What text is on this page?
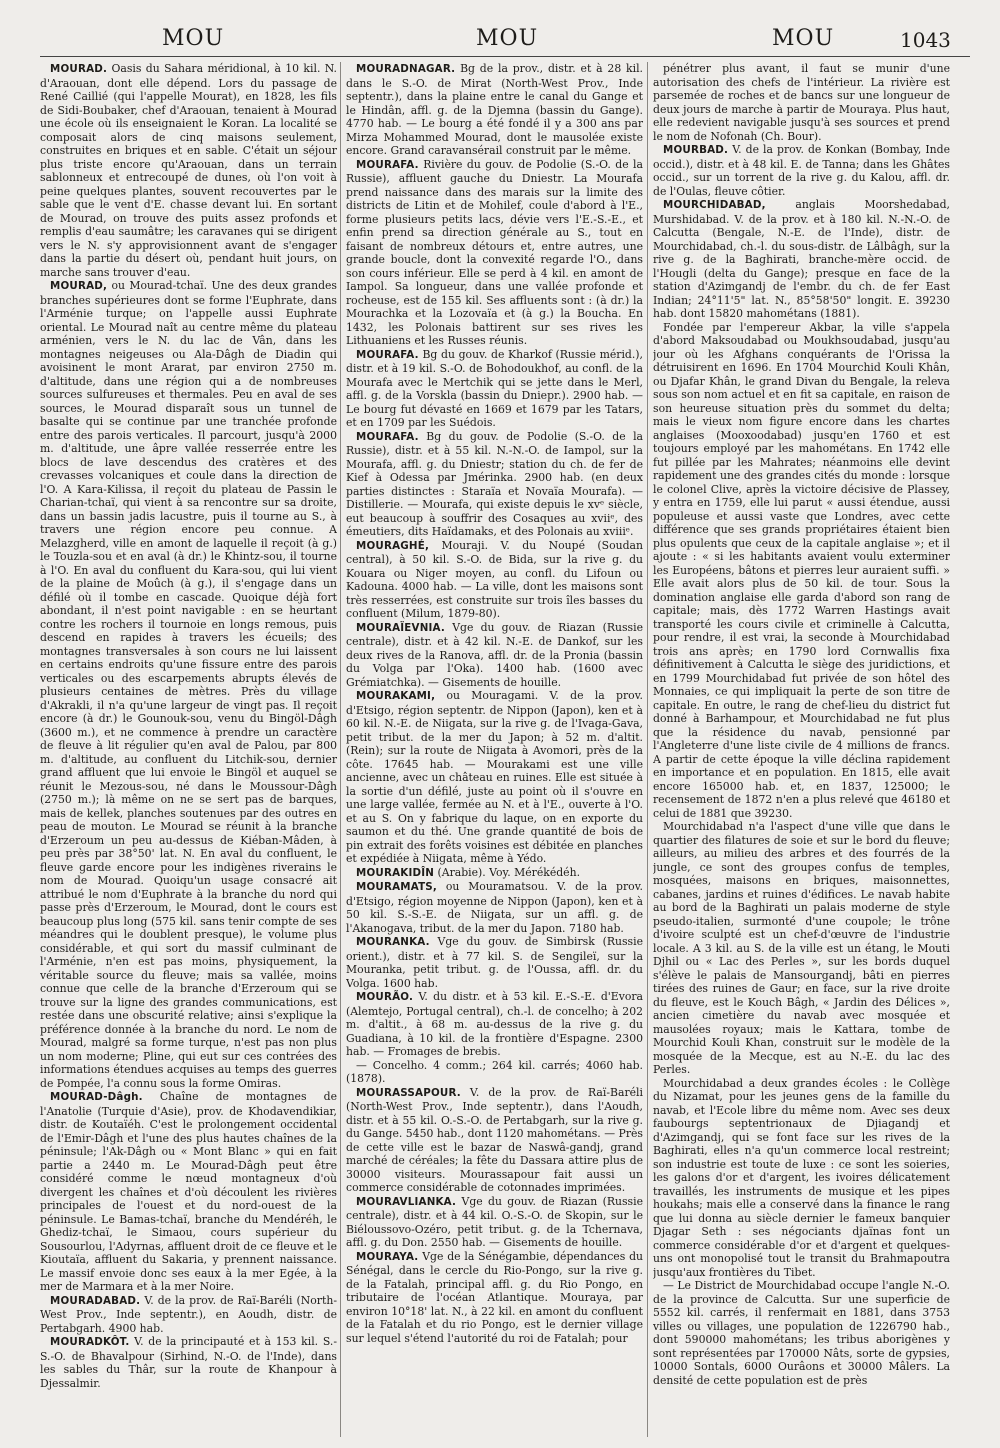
MOU	MOU	MOU	1043

MOURAD. Oasis du Sahara méridional, à 10 kil. N. d'Araouan, dont elle dépend. Lors du passage de René Caillié (qui l'appelle Mourat), en 1828, les fils de Sidi-Boubaker, chef d'Araouan, tenaient à Mourad une école où ils enseignaient le Koran. La localité se composait alors de cinq maisons seulement, construites en briques et en sable. C'était un séjour plus triste encore qu'Araouan, dans un terrain sablonneux et entrecoupé de dunes, où l'on voit à peine quelques plantes, souvent recouvertes par le sable que le vent d'E. chasse devant lui. En sortant de Mourad, on trouve des puits assez profonds et remplis d'eau saumâtre; les caravanes qui se dirigent vers le N. s'y approvisionnent avant de s'engager dans la partie du désert où, pendant huit jours, on marche sans trouver d'eau.

MOURAD, ou Mourad-tchaï. Une des deux grandes branches supérieures dont se forme l'Euphrate, dans l'Arménie turque; on l'appelle aussi Euphrate oriental. Le Mourad naît au centre même du plateau arménien, vers le N. du lac de Vân, dans les montagnes neigeuses ou Ala-Dâgh de Diadin qui avoisinent le mont Ararat, par environ 2750 m. d'altitude, dans une région qui a de nombreuses sources sulfureuses et thermales. Peu en aval de ses sources, le Mourad disparaît sous un tunnel de basalte qui se continue par une tranchée profonde entre des parois verticales. Il parcourt, jusqu'à 2000 m. d'altitude, une âpre vallée resserrée entre les blocs de lave descendus des cratères et des crevasses volcaniques et coule dans la direction de l'O. A Kara-Kilissa, il reçoit du plateau de Passin le Charian-tchaï, qui vient à sa rencontre sur sa droite, dans un bassin jadis lacustre, puis il tourne au S., à travers une région encore peu connue. A Melazgherd, ville en amont de laquelle il reçoit (à g.) le Touzla-sou et en aval (à dr.) le Khintz-sou, il tourne à l'O. En aval du confluent du Kara-sou, qui lui vient de la plaine de Moûch (à g.), il s'engage dans un défilé où il tombe en cascade. Quoique déjà fort abondant, il n'est point navigable : en se heurtant contre les rochers il tournoie en longs remous, puis descend en rapides à travers les écueils; des montagnes transversales à son cours ne lui laissent en certains endroits qu'une fissure entre des parois verticales ou des escarpements abrupts élevés de plusieurs centaines de mètres. Près du village d'Akrakli, il n'a qu'une largeur de vingt pas. Il reçoit encore (à dr.) le Gounouk-sou, venu du Bingöl-Dâgh (3600 m.), et ne commence à prendre un caractère de fleuve à lit régulier qu'en aval de Palou, par 800 m. d'altitude, au confluent du Litchik-sou, dernier grand affluent que lui envoie le Bingöl et auquel se réunit le Mezous-sou, né dans le Moussour-Dâgh (2750 m.); là même on ne se sert pas de barques, mais de kellek, planches soutenues par des outres en peau de mouton. Le Mourad se réunit à la branche d'Erzeroum un peu au-dessus de Kiéban-Mâden, à peu près par 38°50' lat. N. En aval du confluent, le fleuve garde encore pour les indigènes riverains le nom de Mourad. Quoiqu'un usage consacré ait attribué le nom d'Euphrate à la branche du nord qui passe près d'Erzeroum, le Mourad, dont le cours est beaucoup plus long (575 kil. sans tenir compte de ses méandres qui le doublent presque), le volume plus considérable, et qui sort du massif culminant de l'Arménie, n'en est pas moins, physiquement, la véritable source du fleuve; mais sa vallée, moins connue que celle de la branche d'Erzeroum qui se trouve sur la ligne des grandes communications, est restée dans une obscurité relative; ainsi s'explique la préférence donnée à la branche du nord. Le nom de Mourad, malgré sa forme turque, n'est pas non plus un nom moderne; Pline, qui eut sur ces contrées des informations étendues acquises au temps des guerres de Pompée, l'a connu sous la forme Omiras.

MOURAD-Dâgh. Chaîne de montagnes de l'Anatolie (Turquie d'Asie), prov. de Khodavendikiar, distr. de Koutaïéh. C'est le prolongement occidental de l'Emir-Dâgh et l'une des plus hautes chaînes de la péninsule; l'Ak-Dâgh ou « Mont Blanc » qui en fait partie a 2440 m. Le Mourad-Dâgh peut être considéré comme le nœud montagneux d'où divergent les chaînes et d'où découlent les rivières principales de l'ouest et du nord-ouest de la péninsule. Le Bamas-tchaï, branche du Mendéréh, le Ghediz-tchaï, le Simaou, cours supérieur du Sousourlou, l'Adyrnas, affluent droit de ce fleuve et le Kioutaïa, affluent du Sakaria, y prennent naissance. Le massif envoie donc ses eaux à la mer Egée, à la mer de Marmara et à la mer Noire.

MOURADABAD. V. de la prov. de Raï-Baréli (North-West Prov., Inde septentr.), en Aoudh, distr. de Pertabgarh. 4900 hab.

MOURADKÔT. V. de la principauté et à 153 kil. S.-S.-O. de Bhavalpour (Sirhind, N.-O. de l'Inde), dans les sables du Thâr, sur la route de Khanpour à Djessalmir.

MOURADNAGAR. Bg de la prov., distr. et à 28 kil. dans le S.-O. de Mirat (North-West Prov., Inde septentr.), dans la plaine entre le canal du Gange et le Hindân, affl. g. de la Djemna (bassin du Gange). 4770 hab. — Le bourg a été fondé il y a 300 ans par Mirza Mohammed Mourad, dont le mausolée existe encore. Grand caravansérail construit par le même.

MOURAFA. Rivière du gouv. de Podolie (S.-O. de la Russie), affluent gauche du Dniestr. La Mourafa prend naissance dans des marais sur la limite des districts de Litin et de Mohilef, coule d'abord à l'E., forme plusieurs petits lacs, dévie vers l'E.-S.-E., et enfin prend sa direction générale au S., tout en faisant de nombreux détours et, entre autres, une grande boucle, dont la convexité regarde l'O., dans son cours inférieur. Elle se perd à 4 kil. en amont de Iampol. Sa longueur, dans une vallée profonde et rocheuse, est de 155 kil. Ses affluents sont : (à dr.) la Mourachka et la Lozovaïa et (à g.) la Boucha. En 1432, les Polonais battirent sur ses rives les Lithuaniens et les Russes réunis.

MOURAFA. Bg du gouv. de Kharkof (Russie mérid.), distr. et à 19 kil. S.-O. de Bohodoukhof, au confl. de la Mourafa avec le Mertchik qui se jette dans le Merl, affl. g. de la Vorskla (bassin du Dniepr.). 2900 hab. — Le bourg fut dévasté en 1669 et 1679 par les Tatars, et en 1709 par les Suédois.

MOURAFA. Bg du gouv. de Podolie (S.-O. de la Russie), distr. et à 55 kil. N.-N.-O. de Iampol, sur la Mourafa, affl. g. du Dniestr; station du ch. de fer de Kief à Odessa par Jmérinka. 2900 hab. (en deux parties distinctes : Staraïa et Novaïa Mourafa). — Distillerie. — Mourafa, qui existe depuis le xvᵉ siècle, eut beaucoup à souffrir des Cosaques au xviiᵉ, des émeutiers, dits Haïdamaks, et des Polonais au xviiiᵉ.

MOURAGHÉ, Mouraji. V. du Noupé (Soudan central), à 50 kil. S.-O. de Bida, sur la rive g. du Kouara ou Niger moyen, au confl. du Lifoun ou Kadouna. 4000 hab. — La ville, dont les maisons sont très resserrées, est construite sur trois îles basses du confluent (Milum, 1879-80).

MOURAÏEVNIA. Vge du gouv. de Riazan (Russie centrale), distr. et à 42 kil. N.-E. de Dankof, sur les deux rives de la Ranova, affl. dr. de la Pronia (bassin du Volga par l'Oka). 1400 hab. (1600 avec Grémiatchka). — Gisements de houille.

MOURAKAMI, ou Mouragami. V. de la prov. d'Etsigo, région septentr. de Nippon (Japon), ken et à 60 kil. N.-E. de Niigata, sur la rive g. de l'Ivaga-Gava, petit tribut. de la mer du Japon; à 52 m. d'altit. (Rein); sur la route de Niigata à Avomori, près de la côte. 17645 hab. — Mourakami est une ville ancienne, avec un château en ruines. Elle est située à la sortie d'un défilé, juste au point où il s'ouvre en une large vallée, fermée au N. et à l'E., ouverte à l'O. et au S. On y fabrique du laque, on en exporte du saumon et du thé. Une grande quantité de bois de pin extrait des forêts voisines est débitée en planches et expédiée à Niigata, même à Yédo.

MOURAKIDÎN (Arabie). Voy. Mérékédéh.

MOURAMATS, ou Mouramatsou. V. de la prov. d'Etsigo, région moyenne de Nippon (Japon), ken et à 50 kil. S.-S.-E. de Niigata, sur un affl. g. de l'Akanogava, tribut. de la mer du Japon. 7180 hab.

MOURANKA. Vge du gouv. de Simbirsk (Russie orient.), distr. et à 77 kil. S. de Sengileï, sur la Mouranka, petit tribut. g. de l'Oussa, affl. dr. du Volga. 1600 hab.

MOURÃO. V. du distr. et à 53 kil. E.-S.-E. d'Evora (Alemtejo, Portugal central), ch.-l. de concelho; à 202 m. d'altit., à 68 m. au-dessus de la rive g. du Guadiana, à 10 kil. de la frontière d'Espagne. 2300 hab. — Fromages de brebis.

— Concelho. 4 comm.; 264 kil. carrés; 4060 hab. (1878).

MOURASSAPOUR. V. de la prov. de Raï-Baréli (North-West Prov., Inde septentr.), dans l'Aoudh, distr. et à 55 kil. O.-S.-O. de Pertabgarh, sur la rive g. du Gange. 5450 hab., dont 1120 mahométans. — Près de cette ville est le bazar de Naswâ-gandj, grand marché de céréales; la fête du Dassara attire plus de 30000 visiteurs. Mourassapour fait aussi un commerce considérable de cotonnades imprimées.

MOURAVLIANKA. Vge du gouv. de Riazan (Russie centrale), distr. et à 44 kil. O.-S.-O. de Skopin, sur le Biéloussovo-Ozéro, petit tribut. g. de la Tchernava, affl. g. du Don. 2550 hab. — Gisements de houille.

MOURAYA. Vge de la Sénégambie, dépendances du Sénégal, dans le cercle du Rio-Pongo, sur la rive g. de la Fatalah, principal affl. g. du Rio Pongo, en tributaire de l'océan Atlantique. Mouraya, par environ 10°18' lat. N., à 22 kil. en amont du confluent de la Fatalah et du rio Pongo, est le dernier village sur lequel s'étend l'autorité du roi de Fatalah; pour

pénétrer plus avant, il faut se munir d'une autorisation des chefs de l'intérieur. La rivière est parsemée de roches et de bancs sur une longueur de deux jours de marche à partir de Mouraya. Plus haut, elle redevient navigable jusqu'à ses sources et prend le nom de Nofonah (Ch. Bour).

MOURBAD. V. de la prov. de Konkan (Bombay, Inde occid.), distr. et à 48 kil. E. de Tanna; dans les Ghâtes occid., sur un torrent de la rive g. du Kalou, affl. dr. de l'Oulas, fleuve côtier.

MOURCHIDABAD, anglais Moorshedabad, Murshidabad. V. de la prov. et à 180 kil. N.-N.-O. de Calcutta (Bengale, N.-E. de l'Inde), distr. de Mourchidabad, ch.-l. du sous-distr. de Lâlbâgh, sur la rive g. de la Baghirati, branche-mère occid. de l'Hougli (delta du Gange); presque en face de la station d'Azimgandj de l'embr. du ch. de fer East Indian; 24°11'5" lat. N., 85°58'50" longit. E. 39230 hab. dont 15820 mahométans (1881).

Fondée par l'empereur Akbar, la ville s'appela d'abord Maksoudabad ou Moukhsoudabad, jusqu'au jour où les Afghans conquérants de l'Orissa la détruisirent en 1696. En 1704 Mourchid Kouli Khân, ou Djafar Khân, le grand Divan du Bengale, la releva sous son nom actuel et en fit sa capitale, en raison de son heureuse situation près du sommet du delta; mais le vieux nom figure encore dans les chartes anglaises (Mooxoodabad) jusqu'en 1760 et est toujours employé par les mahométans. En 1742 elle fut pillée par les Mahrates; néanmoins elle devint rapidement une des grandes cités du monde : lorsque le colonel Clive, après la victoire décisive de Plassey, y entra en 1759, elle lui parut « aussi étendue, aussi populeuse et aussi vaste que Londres, avec cette différence que ses grands propriétaires étaient bien plus opulents que ceux de la capitale anglaise »; et il ajoute : « si les habitants avaient voulu exterminer les Européens, bâtons et pierres leur auraient suffi. » Elle avait alors plus de 50 kil. de tour. Sous la domination anglaise elle garda d'abord son rang de capitale; mais, dès 1772 Warren Hastings avait transporté les cours civile et criminelle à Calcutta, pour rendre, il est vrai, la seconde à Mourchidabad trois ans après; en 1790 lord Cornwallis fixa définitivement à Calcutta le siège des juridictions, et en 1799 Mourchidabad fut privée de son hôtel des Monnaies, ce qui impliquait la perte de son titre de capitale. En outre, le rang de chef-lieu du district fut donné à Barhampour, et Mourchidabad ne fut plus que la résidence du navab, pensionné par l'Angleterre d'une liste civile de 4 millions de francs. A partir de cette époque la ville déclina rapidement en importance et en population. En 1815, elle avait encore 165000 hab. et, en 1837, 125000; le recensement de 1872 n'en a plus relevé que 46180 et celui de 1881 que 39230.

Mourchidabad n'a l'aspect d'une ville que dans le quartier des filatures de soie et sur le bord du fleuve; ailleurs, au milieu des arbres et des fourrés de la jungle, ce sont des groupes confus de temples, mosquées, maisons en briques, maisonnettes, cabanes, jardins et ruines d'édifices. Le navab habite au bord de la Baghirati un palais moderne de style pseudo-italien, surmonté d'une coupole; le trône d'ivoire sculpté est un chef-d'œuvre de l'industrie locale. A 3 kil. au S. de la ville est un étang, le Mouti Djhil ou « Lac des Perles », sur les bords duquel s'élève le palais de Mansourgandj, bâti en pierres tirées des ruines de Gaur; en face, sur la rive droite du fleuve, est le Kouch Bâgh, « Jardin des Délices », ancien cimetière du navab avec mosquée et mausolées royaux; mais le Kattara, tombe de Mourchid Kouli Khan, construit sur le modèle de la mosquée de la Mecque, est au N.-E. du lac des Perles.

Mourchidabad a deux grandes écoles : le Collège du Nizamat, pour les jeunes gens de la famille du navab, et l'Ecole libre du même nom. Avec ses deux faubourgs septentrionaux de Djiagandj et d'Azimgandj, qui se font face sur les rives de la Baghirati, elles n'a qu'un commerce local restreint; son industrie est toute de luxe : ce sont les soieries, les galons d'or et d'argent, les ivoires délicatement travaillés, les instruments de musique et les pipes houkahs; mais elle a conservé dans la finance le rang que lui donna au siècle dernier le fameux banquier Djagar Seth : ses négociants djaïnas font un commerce considérable d'or et d'argent et quelques-uns ont monopolisé tout le transit du Brahmapoutra jusqu'aux frontières du Tibet.

— Le District de Mourchidabad occupe l'angle N.-O. de la province de Calcutta. Sur une superficie de 5552 kil. carrés, il renfermait en 1881, dans 3753 villes ou villages, une population de 1226790 hab., dont 590000 mahométans; les tribus aborigènes y sont représentées par 170000 Nâts, sorte de gypsies, 10000 Sontals, 6000 Ourâons et 30000 Mâlers. La densité de cette population est de près
